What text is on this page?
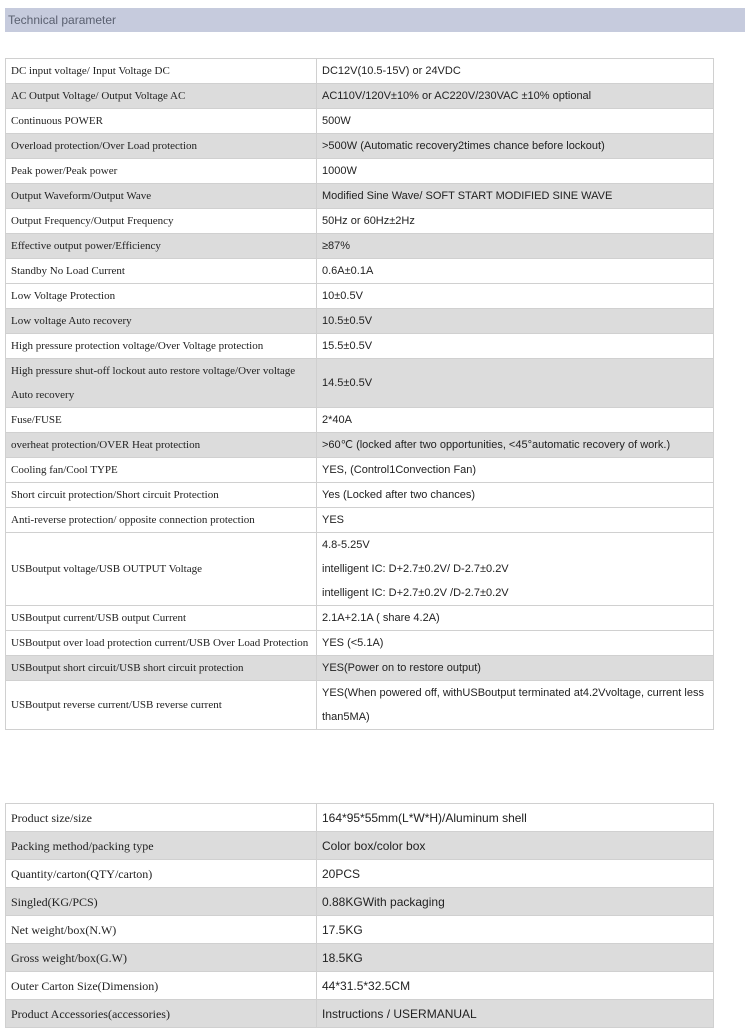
Technical parameter
DC input voltage/ Input Voltage DC	DC12V(10.5-15V) or 24VDC

AC Output Voltage/ Output Voltage AC	AC110V/120V±10% or AC220V/230VAC ±10% optional

Continuous POWER	500W

Overload protection/Over Load protection	>500W (Automatic recovery2times chance before lockout)

Peak power/Peak power	1000W

Output Waveform/Output Wave	Modified Sine Wave/ SOFT START MODIFIED SINE WAVE

Output Frequency/Output Frequency	50Hz or 60Hz±2Hz

Effective output power/Efficiency	≥87%

Standby No Load Current	0.6A±0.1A

Low Voltage Protection	10±0.5V

Low voltage Auto recovery	10.5±0.5V

High pressure protection voltage/Over Voltage protection	15.5±0.5V

High pressure shut-off lockout auto restore voltage/Over voltage Auto recovery	14.5±0.5V

Fuse/FUSE	2*40A

overheat protection/OVER Heat protection	>60℃ (locked after two opportunities, <45°automatic recovery of work.)

Cooling fan/Cool TYPE	YES, (Control1Convection Fan)

Short circuit protection/Short circuit Protection	Yes (Locked after two chances)

Anti-reverse protection/ opposite connection protection	YES

USBoutput voltage/USB OUTPUT Voltage	4.8-5.25V
intelligent IC: D+2.7±0.2V/ D-2.7±0.2V
intelligent IC: D+2.7±0.2V /D-2.7±0.2V

USBoutput current/USB output Current	2.1A+2.1A ( share 4.2A)

USBoutput over load protection current/USB Over Load Protection	YES (<5.1A)

USBoutput short circuit/USB short circuit protection	YES(Power on to restore output)

USBoutput reverse current/USB reverse current	YES(When powered off, withUSBoutput terminated at4.2Vvoltage, current less than5MA)
Product size/size	164*95*55mm(L*W*H)/Aluminum shell

Packing method/packing type	Color box/color box

Quantity/carton(QTY/carton)	20PCS

Singled(KG/PCS)	0.88KGWith packaging

Net weight/box(N.W)	17.5KG

Gross weight/box(G.W)	18.5KG

Outer Carton Size(Dimension)	44*31.5*32.5CM

Product Accessories(accessories)	Instructions / USERMANUAL
